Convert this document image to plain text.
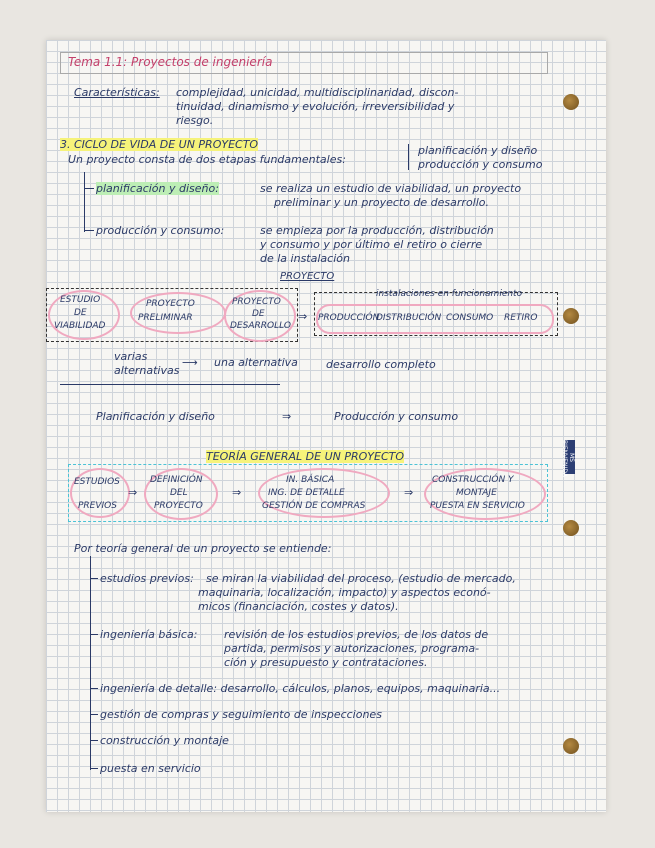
Tema 1.1: Proyectos de ingeniería
Características: complejidad, unicidad, multidisciplinaridad, discon-
tinuidad, dinamismo y evolución, irreversibilidad y
riesgo.
3. CICLO DE VIDA DE UN PROYECTO
Un proyecto consta de dos etapas fundamentales:
planificación y diseño
producción y consumo
planificación y diseño:	se realiza un estudio de viabilidad, un proyecto
preliminar y un proyecto de desarrollo.
producción y consumo:	se empieza por la producción, distribución
y consumo y por último el retiro o cierre
de la instalación
PROYECTO
ESTUDIO
DE
VIABILIDAD
PROYECTO
PRELIMINAR
PROYECTO
DE
DESARROLLO
⇒
instalaciones en funcionamiento
PRODUCCIÓN
DISTRIBUCIÓN CONSUMO RETIRO
varias
alternativas
⟶ una alternativa	desarrollo completo
Planificación y diseño	⇒	Producción y consumo
TEORÍA GENERAL DE UN PROYECTO
ESTUDIOS
PREVIOS
⇒
DEFINICIÓN
DEL
PROYECTO
⇒
IN. BÁSICA
ING. DE DETALLE
GESTIÓN DE COMPRAS
⇒
CONSTRUCCIÓN Y
MONTAJE
PUESTA EN SERVICIO
Por teoría general de un proyecto se entiende:
estudios previos: se miran la viabilidad del proceso, (estudio de mercado,
maquinaria, localización, impacto) y aspectos econó-
micos (financiación, costes y datos).
ingeniería básica: revisión de los estudios previos, de los datos de
partida, permisos y autorizaciones, programa-
ción y presupuesto y contrataciones.
ingeniería de detalle: desarrollo, cálculos, planos, equipos, maquinaria...
gestión de compras y seguimiento de inspecciones
construcción y montaje
puesta en servicio
MS BIENVENIDA
